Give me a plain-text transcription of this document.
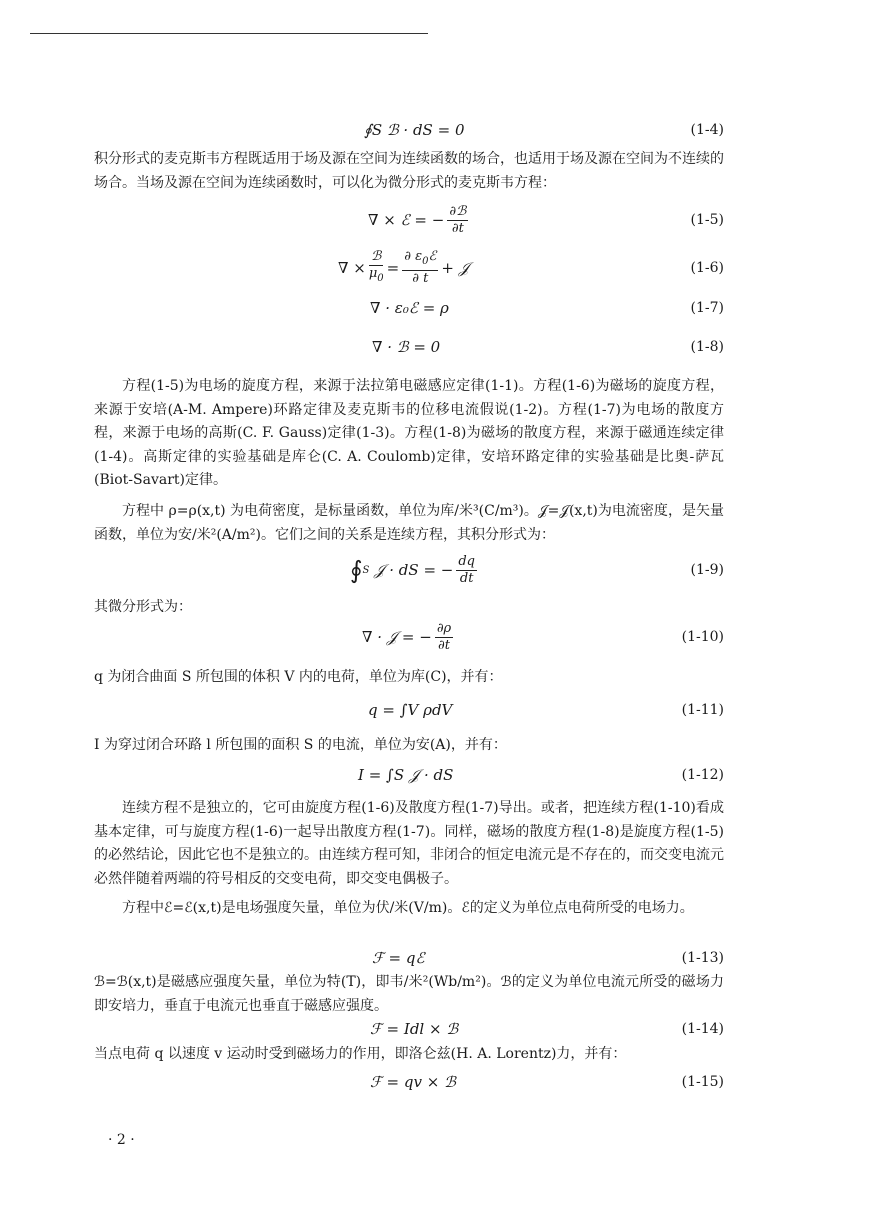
∮S ℬ · dS = 0	(1-4)
积分形式的麦克斯韦方程既适用于场及源在空间为连续函数的场合，也适用于场及源在空间为不连续的场合。当场及源在空间为连续函数时，可以化为微分形式的麦克斯韦方程：
∇ × ℰ = − $\frac{\text{∂ℬ}}{\partial t}$	(1-5)
∇ × $\frac{\text{ℬ}}{\mu_0} = \frac{\partial \varepsilon_0ℰ}{\partial t}$ + 𝒥	(1-6)
∇ · ε₀ℰ = ρ	(1-7)
∇ · ℬ = 0	(1-8)
方程(1-5)为电场的旋度方程，来源于法拉第电磁感应定律(1-1)。方程(1-6)为磁场的旋度方程，来源于安培(A-M. Ampere)环路定律及麦克斯韦的位移电流假说(1-2)。方程(1-7)为电场的散度方程，来源于电场的高斯(C. F. Gauss)定律(1-3)。方程(1-8)为磁场的散度方程，来源于磁通连续定律(1-4)。高斯定律的实验基础是库仑(C. A. Coulomb)定律，安培环路定律的实验基础是比奥-萨瓦(Biot-Savart)定律。
方程中 ρ=ρ(x,t) 为电荷密度，是标量函数，单位为库/米³(C/m³)。𝒥=𝒥(x,t)为电流密度，是矢量函数，单位为安/米²(A/m²)。它们之间的关系是连续方程，其积分形式为：
∮ S 𝒥 · dS = − $\frac{dq}{dt}$	(1-9)
其微分形式为：
∇ · 𝒥 = − $\frac{\partial\rho}{\partial t}$	(1-10)
q 为闭合曲面 S 所包围的体积 V 内的电荷，单位为库(C)，并有：
q = ∫V ρdV	(1-11)
I 为穿过闭合环路 l 所包围的面积 S 的电流，单位为安(A)，并有：
I = ∫S 𝒥 · dS	(1-12)
连续方程不是独立的，它可由旋度方程(1-6)及散度方程(1-7)导出。或者，把连续方程(1-10)看成基本定律，可与旋度方程(1-6)一起导出散度方程(1-7)。同样，磁场的散度方程(1-8)是旋度方程(1-5)的必然结论，因此它也不是独立的。由连续方程可知，非闭合的恒定电流元是不存在的，而交变电流元必然伴随着两端的符号相反的交变电荷，即交变电偶极子。
方程中ℰ=ℰ(x,t)是电场强度矢量，单位为伏/米(V/m)。ℰ的定义为单位点电荷所受的电场力。
ℱ = qℰ	(1-13)
ℬ=ℬ(x,t)是磁感应强度矢量，单位为特(T)，即韦/米²(Wb/m²)。ℬ的定义为单位电流元所受的磁场力即安培力，垂直于电流元也垂直于磁感应强度。
ℱ = Idl × ℬ	(1-14)
当点电荷 q 以速度 v 运动时受到磁场力的作用，即洛仑兹(H. A. Lorentz)力，并有：
ℱ = qv × ℬ	(1-15)
· 2 ·
